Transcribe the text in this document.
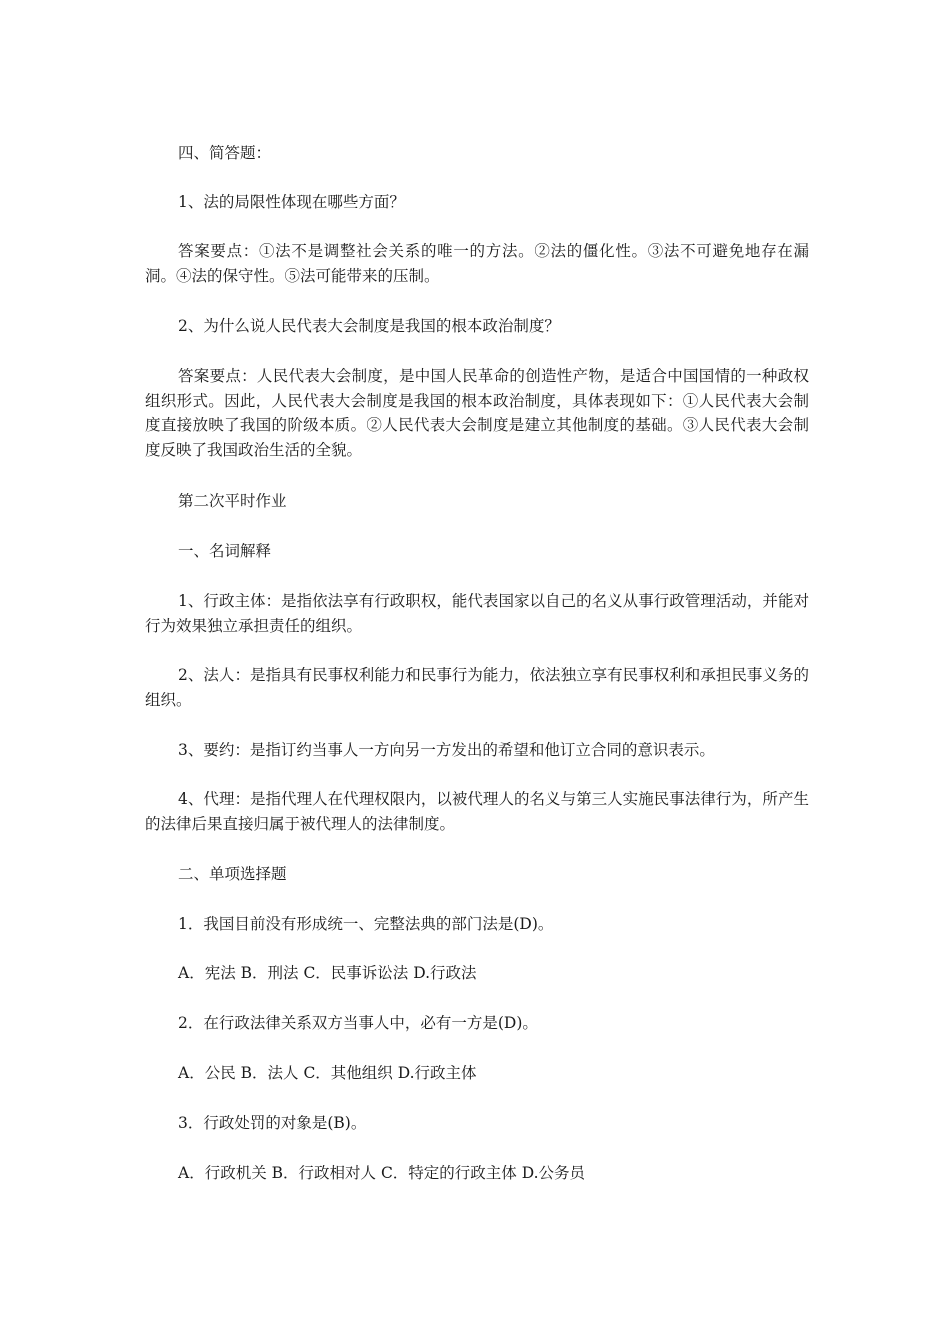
四、简答题：
1、法的局限性体现在哪些方面？
答案要点：①法不是调整社会关系的唯一的方法。②法的僵化性。③法不可避免地存在漏洞。④法的保守性。⑤法可能带来的压制。
2、为什么说人民代表大会制度是我国的根本政治制度？
答案要点：人民代表大会制度，是中国人民革命的创造性产物，是适合中国国情的一种政权组织形式。因此，人民代表大会制度是我国的根本政治制度，具体表现如下：①人民代表大会制度直接放映了我国的阶级本质。②人民代表大会制度是建立其他制度的基础。③人民代表大会制度反映了我国政治生活的全貌。
第二次平时作业
一、名词解释
1、行政主体：是指依法享有行政职权，能代表国家以自己的名义从事行政管理活动，并能对行为效果独立承担责任的组织。
2、法人：是指具有民事权利能力和民事行为能力，依法独立享有民事权利和承担民事义务的组织。
3、要约：是指订约当事人一方向另一方发出的希望和他订立合同的意识表示。
4、代理：是指代理人在代理权限内，以被代理人的名义与第三人实施民事法律行为，所产生的法律后果直接归属于被代理人的法律制度。
二、单项选择题
1．我国目前没有形成统一、完整法典的部门法是(D)。
A．宪法 B．刑法 C．民事诉讼法 D.行政法
2．在行政法律关系双方当事人中，必有一方是(D)。
A．公民 B．法人 C．其他组织 D.行政主体
3．行政处罚的对象是(B)。
A．行政机关 B．行政相对人 C．特定的行政主体 D.公务员
